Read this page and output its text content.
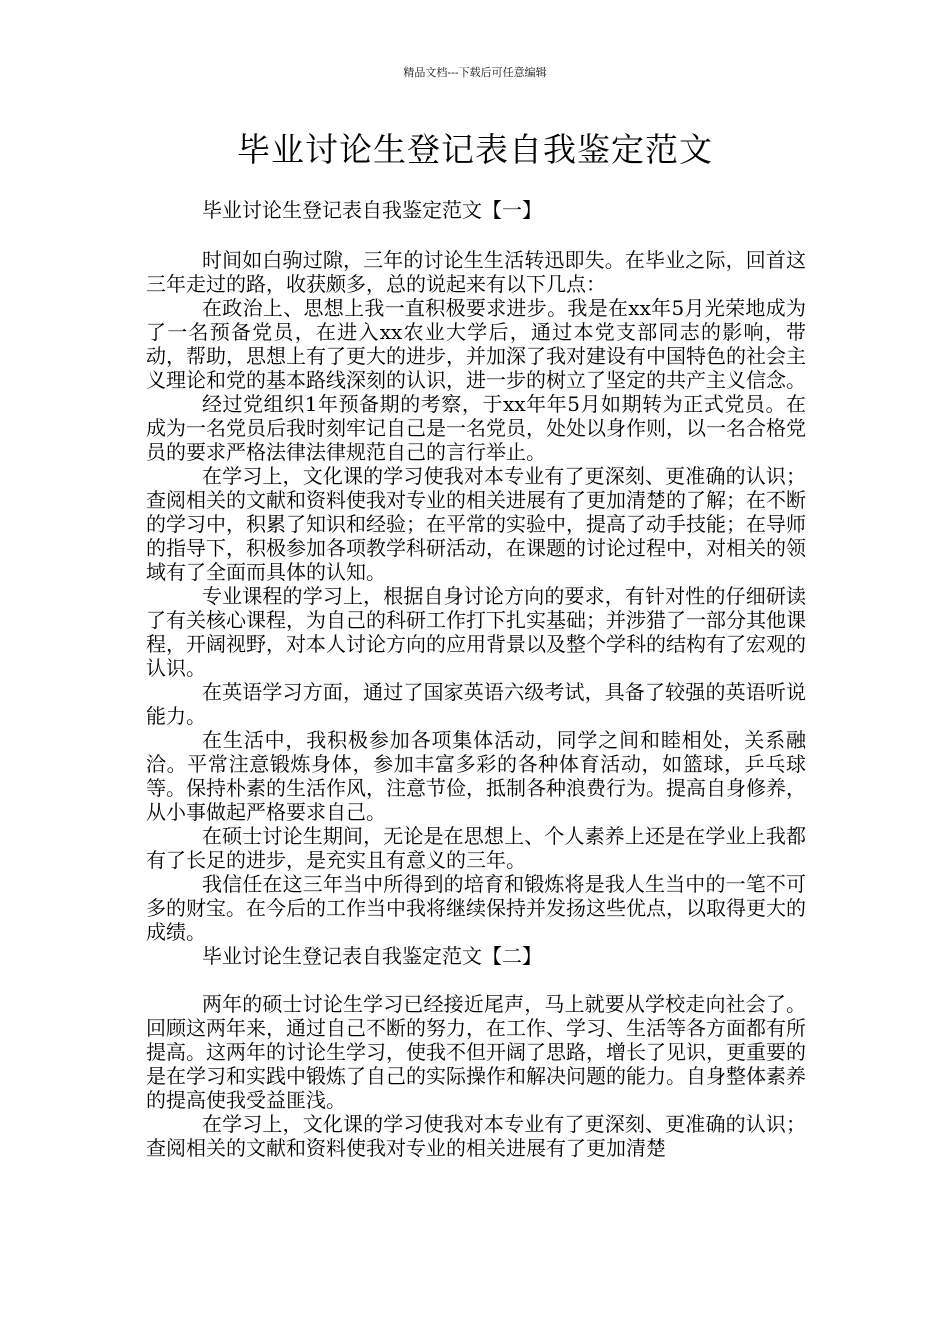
精品文档---下载后可任意编辑
毕业讨论生登记表自我鉴定范文

毕业讨论生登记表自我鉴定范文【一】

时间如白驹过隙，三年的讨论生生活转迅即失。在毕业之际，回首这三年走过的路，收获颇多，总的说起来有以下几点：

在政治上、思想上我一直积极要求进步。我是在xx年5月光荣地成为了一名预备党员，在进入xx农业大学后，通过本党支部同志的影响，带动，帮助，思想上有了更大的进步，并加深了我对建设有中国特色的社会主义理论和党的基本路线深刻的认识，进一步的树立了坚定的共产主义信念。

经过党组织1年预备期的考察，于xx年年5月如期转为正式党员。在成为一名党员后我时刻牢记自己是一名党员，处处以身作则，以一名合格党员的要求严格法律法律规范自己的言行举止。

在学习上，文化课的学习使我对本专业有了更深刻、更准确的认识；查阅相关的文献和资料使我对专业的相关进展有了更加清楚的了解；在不断的学习中，积累了知识和经验；在平常的实验中，提高了动手技能；在导师的指导下，积极参加各项教学科研活动，在课题的讨论过程中，对相关的领域有了全面而具体的认知。

专业课程的学习上，根据自身讨论方向的要求，有针对性的仔细研读了有关核心课程，为自己的科研工作打下扎实基础；并涉猎了一部分其他课程，开阔视野，对本人讨论方向的应用背景以及整个学科的结构有了宏观的认识。

在英语学习方面，通过了国家英语六级考试，具备了较强的英语听说能力。

在生活中，我积极参加各项集体活动，同学之间和睦相处，关系融洽。平常注意锻炼身体，参加丰富多彩的各种体育活动，如篮球，乒乓球等。保持朴素的生活作风，注意节俭，抵制各种浪费行为。提高自身修养，从小事做起严格要求自己。

在硕士讨论生期间，无论是在思想上、个人素养上还是在学业上我都有了长足的进步，是充实且有意义的三年。

我信任在这三年当中所得到的培育和锻炼将是我人生当中的一笔不可多的财宝。在今后的工作当中我将继续保持并发扬这些优点，以取得更大的成绩。

毕业讨论生登记表自我鉴定范文【二】

两年的硕士讨论生学习已经接近尾声，马上就要从学校走向社会了。回顾这两年来，通过自己不断的努力，在工作、学习、生活等各方面都有所提高。这两年的讨论生学习，使我不但开阔了思路，增长了见识，更重要的是在学习和实践中锻炼了自己的实际操作和解决问题的能力。自身整体素养的提高使我受益匪浅。

在学习上，文化课的学习使我对本专业有了更深刻、更准确的认识；查阅相关的文献和资料使我对专业的相关进展有了更加清楚
